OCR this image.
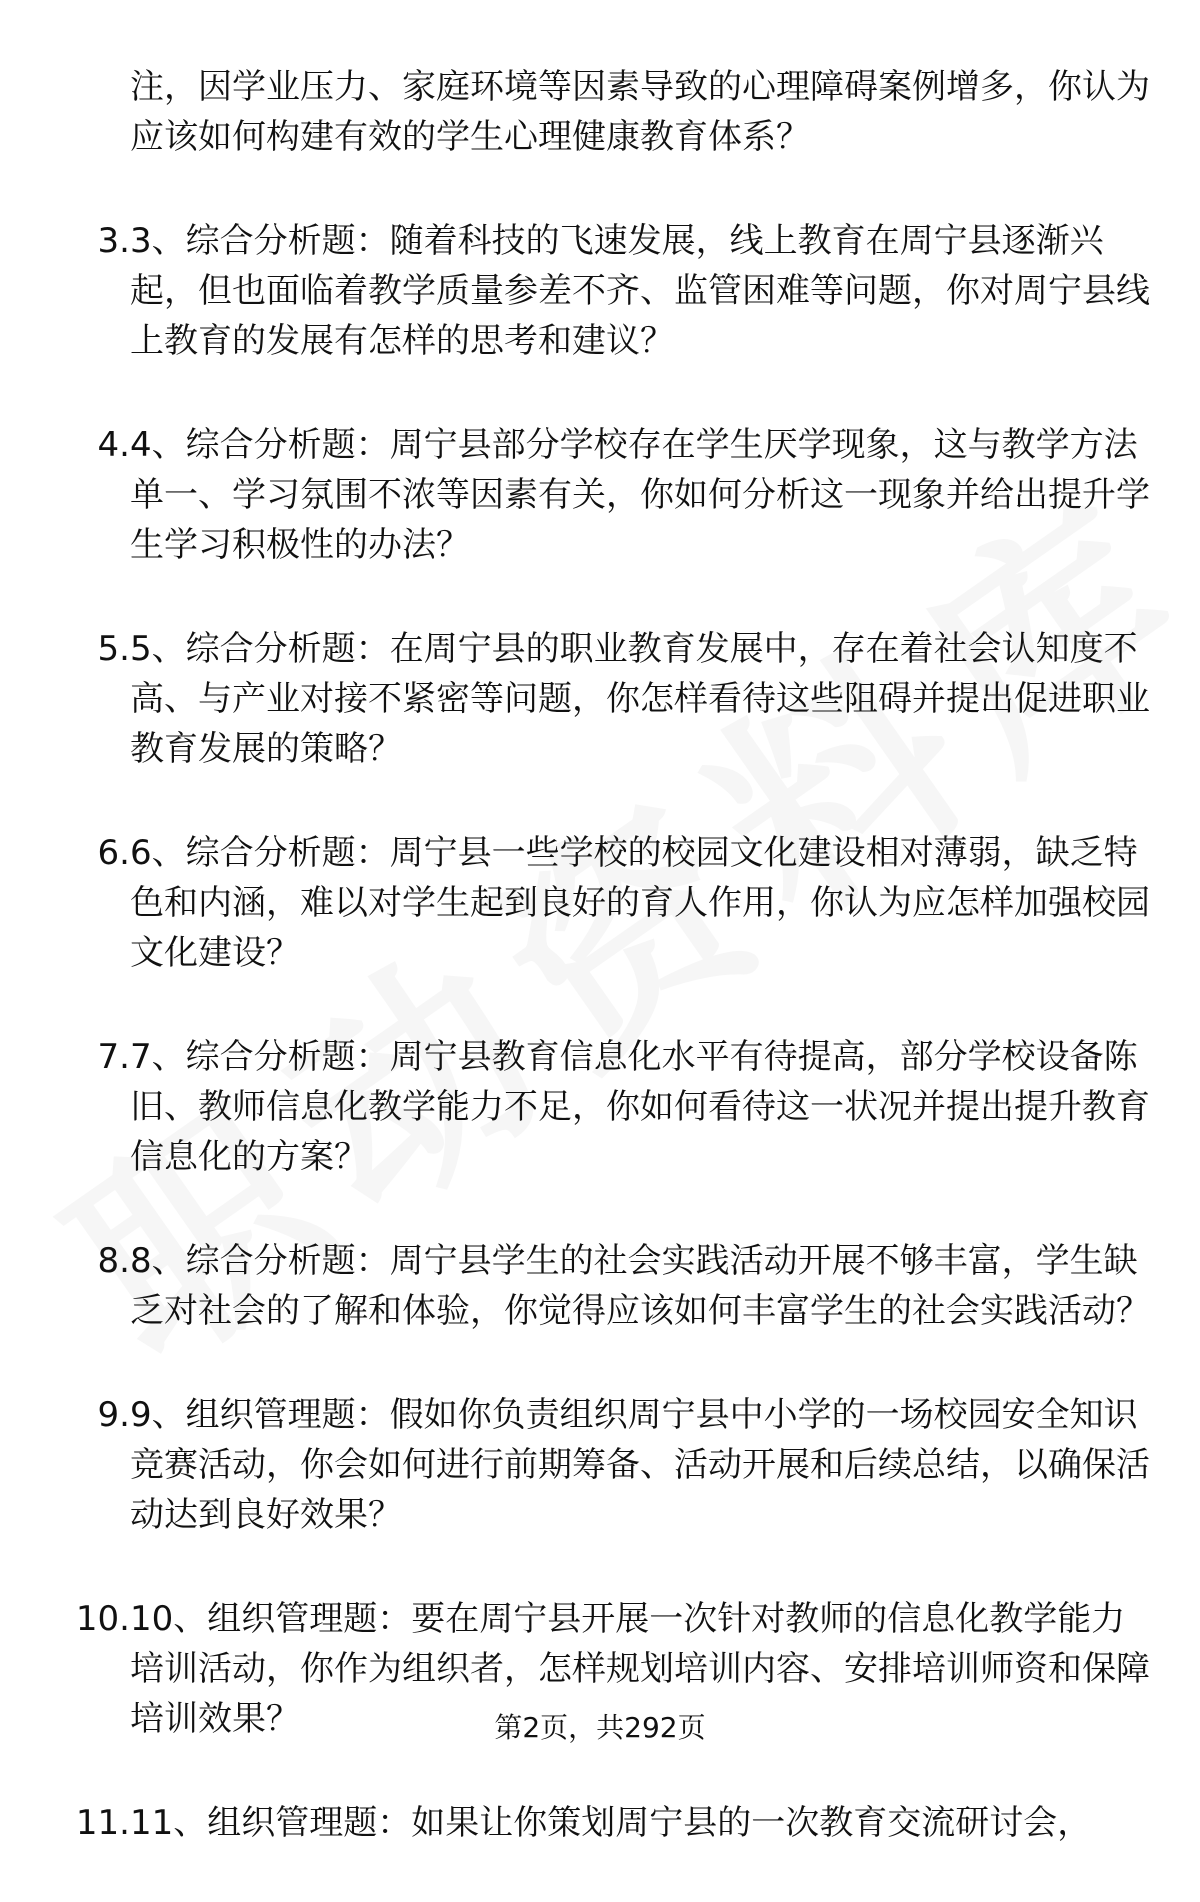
注，因学业压力、家庭环境等因素导致的心理障碍案例增多，你认为应该如何构建有效的学生心理健康教育体系？
3. 3、综合分析题：随着科技的飞速发展，线上教育在周宁县逐渐兴起，但也面临着教学质量参差不齐、监管困难等问题，你对周宁县线上教育的发展有怎样的思考和建议？
4. 4、综合分析题：周宁县部分学校存在学生厌学现象，这与教学方法单一、学习氛围不浓等因素有关，你如何分析这一现象并给出提升学生学习积极性的办法？
5. 5、综合分析题：在周宁县的职业教育发展中，存在着社会认知度不高、与产业对接不紧密等问题，你怎样看待这些阻碍并提出促进职业教育发展的策略？
6. 6、综合分析题：周宁县一些学校的校园文化建设相对薄弱，缺乏特色和内涵，难以对学生起到良好的育人作用，你认为应怎样加强校园文化建设？
7. 7、综合分析题：周宁县教育信息化水平有待提高，部分学校设备陈旧、教师信息化教学能力不足，你如何看待这一状况并提出提升教育信息化的方案？
8. 8、综合分析题：周宁县学生的社会实践活动开展不够丰富，学生缺乏对社会的了解和体验，你觉得应该如何丰富学生的社会实践活动？
9. 9、组织管理题：假如你负责组织周宁县中小学的一场校园安全知识竞赛活动，你会如何进行前期筹备、活动开展和后续总结，以确保活动达到良好效果？
10. 10、组织管理题：要在周宁县开展一次针对教师的信息化教学能力培训活动，你作为组织者，怎样规划培训内容、安排培训师资和保障培训效果？
11. 11、组织管理题：如果让你策划周宁县的一次教育交流研讨会，
第2页，共292页
